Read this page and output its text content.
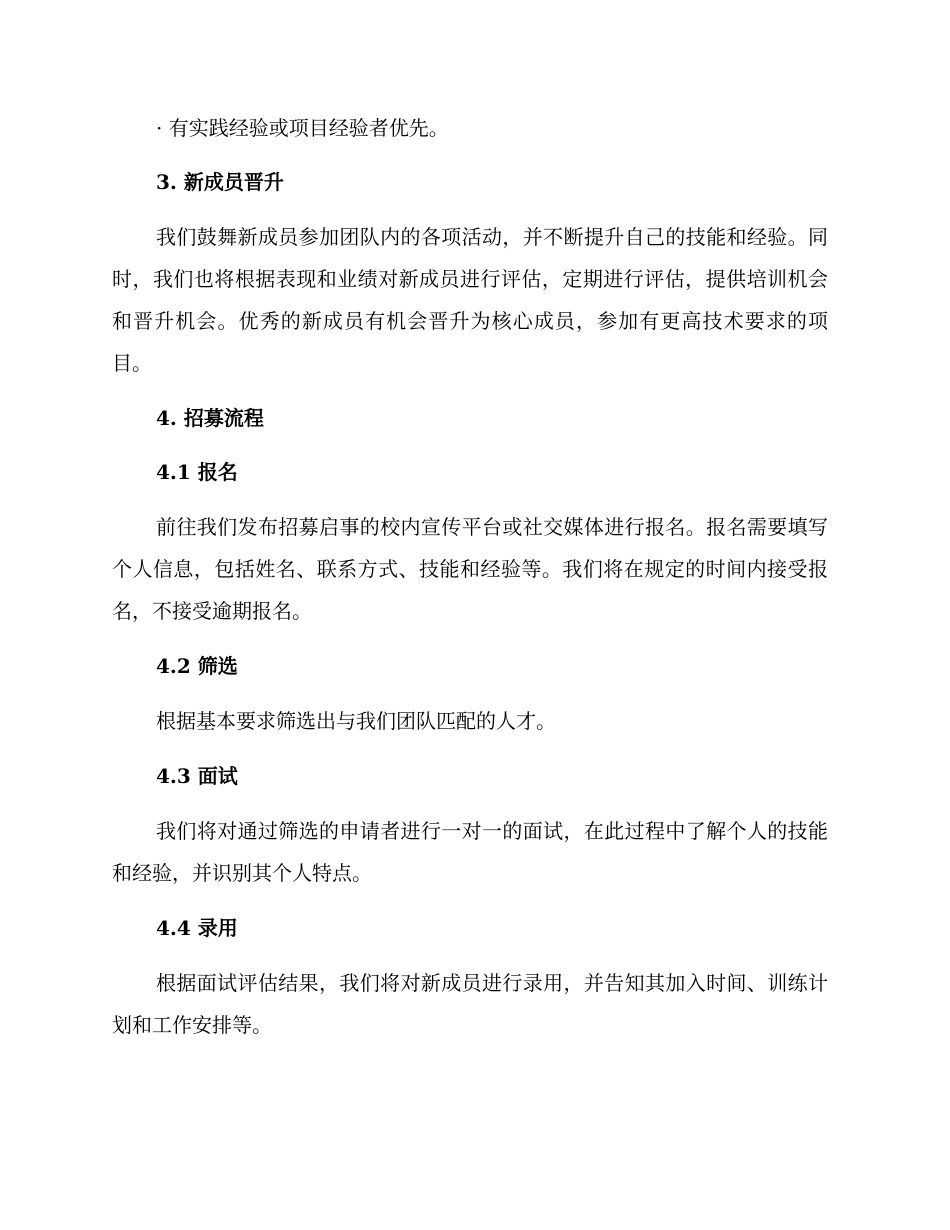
· 有实践经验或项目经验者优先。

3. 新成员晋升

我们鼓舞新成员参加团队内的各项活动，并不断提升自己的技能和经验。同时，我们也将根据表现和业绩对新成员进行评估，定期进行评估，提供培训机会和晋升机会。优秀的新成员有机会晋升为核心成员，参加有更高技术要求的项目。

4. 招募流程

4.1 报名

前往我们发布招募启事的校内宣传平台或社交媒体进行报名。报名需要填写个人信息，包括姓名、联系方式、技能和经验等。我们将在规定的时间内接受报名，不接受逾期报名。

4.2 筛选

根据基本要求筛选出与我们团队匹配的人才。

4.3 面试

我们将对通过筛选的申请者进行一对一的面试，在此过程中了解个人的技能和经验，并识别其个人特点。

4.4 录用

根据面试评估结果，我们将对新成员进行录用，并告知其加入时间、训练计划和工作安排等。
